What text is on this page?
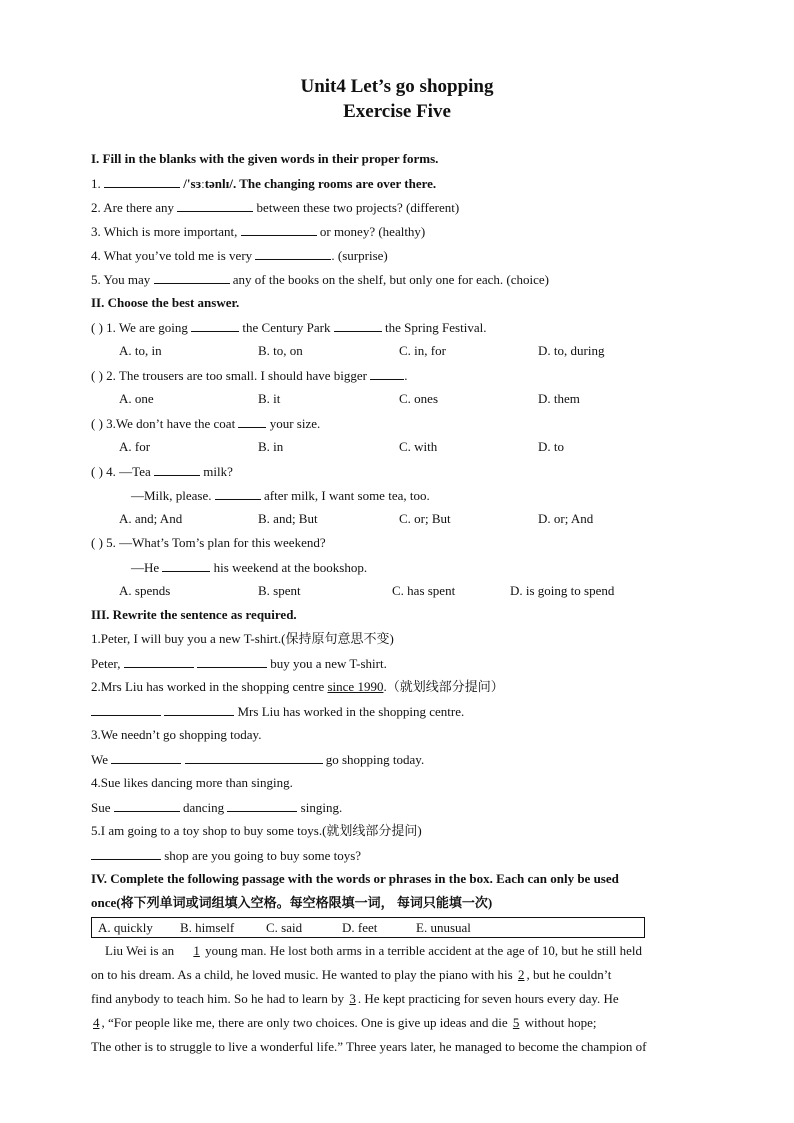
Unit4 Let’s go shopping
Exercise Five
I. Fill in the blanks with the given words in their proper forms.
1.	/'sɜːtənlɪ/. The changing rooms are over there.
2. Are there any	between these two projects? (different)
3. Which is more important,	or money? (healthy)
4. What you’ve told me is very	. (surprise)
5. You may	any of the books on the shelf, but only one for each. (choice)
II. Choose the best answer.
( ) 1. We are going	the Century Park	the Spring Festival.
A. to, in	B. to, on	C. in, for	D. to, during
( ) 2. The trousers are too small. I should have bigger	.
A. one	B. it	C. ones	D. them
( ) 3.We don’t have the coat  your size.
A. for	B. in	C. with	D. to
( ) 4. —Tea	milk?
—Milk, please.	after milk, I want some tea, too.
A. and; And	B. and; But	C. or; But	D. or; And
( ) 5. —What’s Tom’s plan for this weekend?
—He	his weekend at the bookshop.
A. spends	B. spent	C. has spent	D. is going to spend
III. Rewrite the sentence as required.
1.Peter, I will buy you a new T-shirt.(保持原句意思不变)
Peter,	buy you a new T-shirt.
2.Mrs Liu has worked in the shopping centre since 1990.（就划线部分提问）
Mrs Liu has worked in the shopping centre.
3.We needn’t go shopping today.
We	go shopping today.
4.Sue likes dancing more than singing.
Sue	dancing	singing.
5.I am going to a toy shop to buy some toys.(就划线部分提问)
shop are you going to buy some toys?
IV. Complete the following passage with the words or phrases in the box. Each can only be used
once(将下列单词或词组填入空格。每空格限填一词， 每词只能填一次)
A. quickly B. himself C. said	D. feet	E. unusual
Liu Wei is an 1 young man. He lost both arms in a terrible accident at the age of 10, but he still held
on to his dream. As a child, he loved music. He wanted to play the piano with his 2, but he couldn’t
find anybody to teach him. So he had to learn by 3. He kept practicing for seven hours every day. He
4, “For people like me, there are only two choices. One is give up ideas and die 5 without hope;
The other is to struggle to live a wonderful life.” Three years later, he managed to become the champion of
